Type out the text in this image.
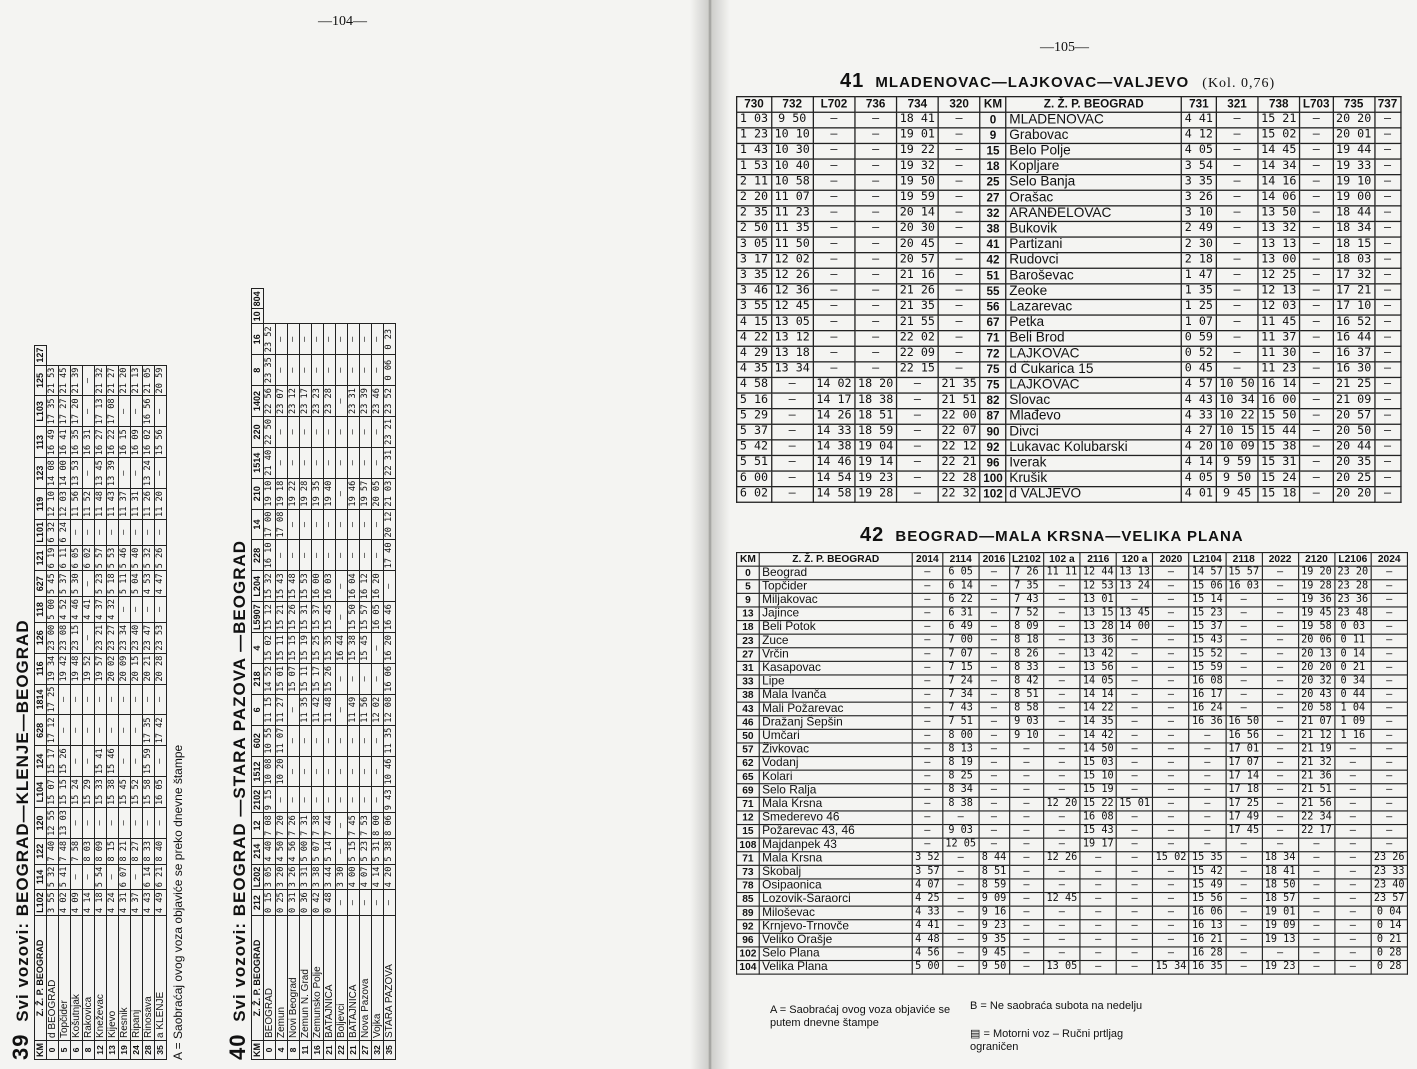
—104—
39 Svi vozovi: BEOGRAD—KLENJE—BEOGRAD
KM	Z. Ž. P. BEOGRAD	L102	114	122	120	L104	124	628	1814	116	126	118	627	121	L101	119	123	113	L103	125	127
0	d BEOGRAD	3 55	5 32	7 40	12 55	15 07	15 17	17 12	17 25	19 34	23 00	5 00	5 45	6 19	6 32	12 10	14 08	16 49	17 35	21 53	
5	Topčider	4 02	5 41	7 48	13 03	15 15	15 26	—	—	19 42	23 08	4 52	5 37	6 11	6 24	12 03	14 00	16 41	17 27	21 45	
6	Košutnjak	4 09	—	7 58	—	15 24	—	—	—	19 48	23 15	4 46	5 30	6 05	—	11 56	13 53	16 35	17 20	21 39	
8	Rakovica	4 14	—	8 03	—	15 29	—	—	—	19 52	—	4 41	—	6 02	—	11 52	—	16 31	—	—	
12	Kneževac	4 18	5 54	8 09	—	15 33	15 41	—	—	19 57	23 21	4 37	5 23	5 57	—	11 48	13 45	16 27	17 13	21 32	
13	Kijevo	4 24	—	8 15	—	15 38	15 46	—	—	20 02	23 27	4 32	5 18	5 53	—	11 43	13 39	16 22	17 08	21 27	
19	Resnik	4 31	6 07	8 21	—	15 45	—	—	—	20 09	23 34	—	5 11	5 46	—	11 37	—	16 15	—	21 20	
24	Ripanj	4 37	—	8 27	—	15 52	—	—	—	20 15	23 40	—	5 04	5 40	—	11 31	—	16 09	—	21 13	
28	Rinosava	4 43	6 14	8 33	—	15 58	15 59	17 35	—	20 21	23 47	—	4 53	5 32	—	11 26	13 24	16 02	16 56	21 05	
35	a KLENJE	4 49	6 21	8 40	—	16 05	—	17 42	—	20 28	23 53	—	4 47	5 26	—	11 20	—	15 56	—	20 59	
A = Saobraćaj ovog voza objaviće se preko dnevne štampe 40 Svi vozovi: BEOGRAD —STARA PAZOVA —BEOGRAD
KM	Z. Ž. P. BEOGRAD	212	L202	214	12	2102	1512	602	6	218	4	L5907	L204	228	14	210	1514	220	1402	8	16	10	804
0	BEOGRAD	0 15	3 05	4 40	7 08	9 15	10 08	10 55	11 15	14 52	15 02	15 12	15 32	16 10	17 00	19 10	21 40	22 50	22 56	23 35	23 52		
4	Zemun	0 25	3 20	4 50	7 20	—	10 20	11 07	11 27	15 01	15 11	15 21	15 43	—	17 08	19 18	—	—	23 07	—	—		
8	Novi Beograd	0 31	3 26	4 56	7 26	—	—	—	—	15 07	15 15	15 26	15 48	—	—	19 22	—	—	23 12	—	—		
11	Zemun N. Grad	0 36	3 31	5 00	7 31	—	—	—	11 35	15 11	15 19	15 31	15 53	—	—	19 28	—	—	23 17	—	—		
16	Zemunsko Polje	0 42	3 38	5 07	7 38	—	—	—	11 42	15 17	15 25	15 37	16 00	—	—	19 35	—	—	23 23	—	—		
21	BATAJNICA	0 48	3 44	5 14	7 44	—	—	—	11 48	15 26	15 35	15 45	16 03	—	—	19 40	—	—	23 28	—	—		
22	Boljevci	—	3 30	—	—	—	—	—	—	—	16 44	—	—	—	—	—	—	—	—	—	—		
21	BATAJNICA	—	4 00	5 15	7 45	—	—	—	11 49	—	15 38	15 50	16 04	—	—	19 46	—	—	23 31	—	—		
27	Nova Pazova	—	4 07	5 23	7 53	—	—	—	11 56	—	15 45	15 57	16 12	—	—	19 57	—	—	23 39	—	—		
32	Vojka	—	4 14	5 31	8 00	—	—	—	12 02	—	—	16 05	16 20	—	—	20 05	—	—	23 46	—	—		
35	STARA PAZOVA	—	4 20	5 38	8 06	9 43	10 46	11 35	12 08	16 06	16 20	16 46	—	17 40	20 12	21 03	22 31	23 21	23 52	0 06	0 23		
—105—
41 MLADENOVAC—LAJKOVAC—VALJEVO (Kol. 0,76)
730	732	L702	736	734	320	KM	Z. Ž. P. BEOGRAD	731	321	738	L703	735	737
1 03	9 50	—	—	18 41	—	0	MLADENOVAC	4 41	—	15 21	—	20 20	—
1 23	10 10	—	—	19 01	—	9	Grabovac	4 12	—	15 02	—	20 01	—
1 43	10 30	—	—	19 22	—	15	Belo Polje	4 05	—	14 45	—	19 44	—
1 53	10 40	—	—	19 32	—	18	Kopljare	3 54	—	14 34	—	19 33	—
2 11	10 58	—	—	19 50	—	25	Selo Banja	3 35	—	14 16	—	19 10	—
2 20	11 07	—	—	19 59	—	27	Orašac	3 26	—	14 06	—	19 00	—
2 35	11 23	—	—	20 14	—	32	ARANĐELOVAC	3 10	—	13 50	—	18 44	—
2 50	11 35	—	—	20 30	—	38	Bukovik	2 49	—	13 32	—	18 34	—
3 05	11 50	—	—	20 45	—	41	Partizani	2 30	—	13 13	—	18 15	—
3 17	12 02	—	—	20 57	—	42	Rudovci	2 18	—	13 00	—	18 03	—
3 35	12 26	—	—	21 16	—	51	Baroševac	1 47	—	12 25	—	17 32	—
3 46	12 36	—	—	21 26	—	55	Zeoke	1 35	—	12 13	—	17 21	—
3 55	12 45	—	—	21 35	—	56	Lazarevac	1 25	—	12 03	—	17 10	—
4 15	13 05	—	—	21 55	—	67	Petka	1 07	—	11 45	—	16 52	—
4 22	13 12	—	—	22 02	—	71	Beli Brod	0 59	—	11 37	—	16 44	—
4 29	13 18	—	—	22 09	—	72	LAJKOVAC	0 52	—	11 30	—	16 37	—
4 35	13 34	—	—	22 15	—	75	d Čukarica 15	0 45	—	11 23	—	16 30	—
4 58	—	14 02	18 20	—	21 35	75	LAJKOVAC	4 57	10 50	16 14	—	21 25	—
5 16	—	14 17	18 38	—	21 51	82	Slovac	4 43	10 34	16 00	—	21 09	—
5 29	—	14 26	18 51	—	22 00	87	Mlađevo	4 33	10 22	15 50	—	20 57	—
5 37	—	14 33	18 59	—	22 07	90	Divci	4 27	10 15	15 44	—	20 50	—
5 42	—	14 38	19 04	—	22 12	92	Lukavac Kolubarski	4 20	10 09	15 38	—	20 44	—
5 51	—	14 46	19 14	—	22 21	96	Iverak	4 14	9 59	15 31	—	20 35	—
6 00	—	14 54	19 23	—	22 28	100	Krušik	4 05	9 50	15 24	—	20 25	—
6 02	—	14 58	19 28	—	22 32	102	d VALJEVO	4 01	9 45	15 18	—	20 20	—
42 BEOGRAD—MALA KRSNA—VELIKA PLANA
KM	Z. Ž. P. BEOGRAD	2014	2114	2016	L2102	102 a	2116	120 a	2020	L2104	2118	2022	2120	L2106	2024
0	Beograd	—	6 05	—	7 26	11 11	12 44	13 13	—	14 57	15 57	—	19 20	23 20	—
5	Topčider	—	6 14	—	7 35	—	12 53	13 24	—	15 06	16 03	—	19 28	23 28	—
9	Miljakovac	—	6 22	—	7 43	—	13 01	—	—	15 14	—	—	19 36	23 36	—
13	Jajince	—	6 31	—	7 52	—	13 15	13 45	—	15 23	—	—	19 45	23 48	—
18	Beli Potok	—	6 49	—	8 09	—	13 28	14 00	—	15 37	—	—	19 58	0 03	—
23	Zuce	—	7 00	—	8 18	—	13 36	—	—	15 43	—	—	20 06	0 11	—
27	Vrčin	—	7 07	—	8 26	—	13 42	—	—	15 52	—	—	20 13	0 14	—
31	Kasapovac	—	7 15	—	8 33	—	13 56	—	—	15 59	—	—	20 20	0 21	—
33	Lipe	—	7 24	—	8 42	—	14 05	—	—	16 08	—	—	20 32	0 34	—
38	Mala Ivanča	—	7 34	—	8 51	—	14 14	—	—	16 17	—	—	20 43	0 44	—
43	Mali Požarevac	—	7 43	—	8 58	—	14 22	—	—	16 24	—	—	20 58	1 04	—
46	Dražanj Šepšin	—	7 51	—	9 03	—	14 35	—	—	16 36	16 50	—	21 07	1 09	—
50	Umčari	—	8 00	—	9 10	—	14 42	—	—	—	16 56	—	21 12	1 16	—
57	Živkovac	—	8 13	—	—	—	14 50	—	—	—	17 01	—	21 19	—	—
62	Vodanj	—	8 19	—	—	—	15 03	—	—	—	17 07	—	21 32	—	—
65	Kolari	—	8 25	—	—	—	15 10	—	—	—	17 14	—	21 36	—	—
69	Selo Ralja	—	8 34	—	—	—	15 19	—	—	—	17 18	—	21 51	—	—
71	Mala Krsna	—	8 38	—	—	12 20	15 22	15 01	—	—	17 25	—	21 56	—	—
12	Smederevo 46	—	—	—	—	—	16 08	—	—	—	17 49	—	22 34	—	—
15	Požarevac 43, 46	—	9 03	—	—	—	15 43	—	—	—	17 45	—	22 17	—	—
108	Majdanpek 43	—	12 05	—	—	—	19 17	—	—	—	—	—	—	—	—
71	Mala Krsna	3 52	—	8 44	—	12 26	—	—	15 02	15 35	—	18 34	—	—	23 26
73	Skobalj	3 57	—	8 51	—	—	—	—	—	15 42	—	18 41	—	—	23 33
78	Osipaonica	4 07	—	8 59	—	—	—	—	—	15 49	—	18 50	—	—	23 40
85	Lozovik-Saraorci	4 25	—	9 09	—	12 45	—	—	—	15 56	—	18 57	—	—	23 57
89	Miloševac	4 33	—	9 16	—	—	—	—	—	16 06	—	19 01	—	—	0 04
92	Krnjevo-Trnovče	4 41	—	9 23	—	—	—	—	—	16 13	—	19 09	—	—	0 14
96	Veliko Orašje	4 48	—	9 35	—	—	—	—	—	16 21	—	19 13	—	—	0 21
102	Selo Plana	4 56	—	9 45	—	—	—	—	—	16 28	—	—	—	—	0 28
104	Velika Plana	5 00	—	9 50	—	13 05	—	—	15 34	16 35	—	19 23	—	—	0 28
A = Saobraćaj ovog voza objaviće se putem dnevne štampe
B = Ne saobraća subota na nedelju
▤ = Motorni voz – Ručni prtljag ograničen
